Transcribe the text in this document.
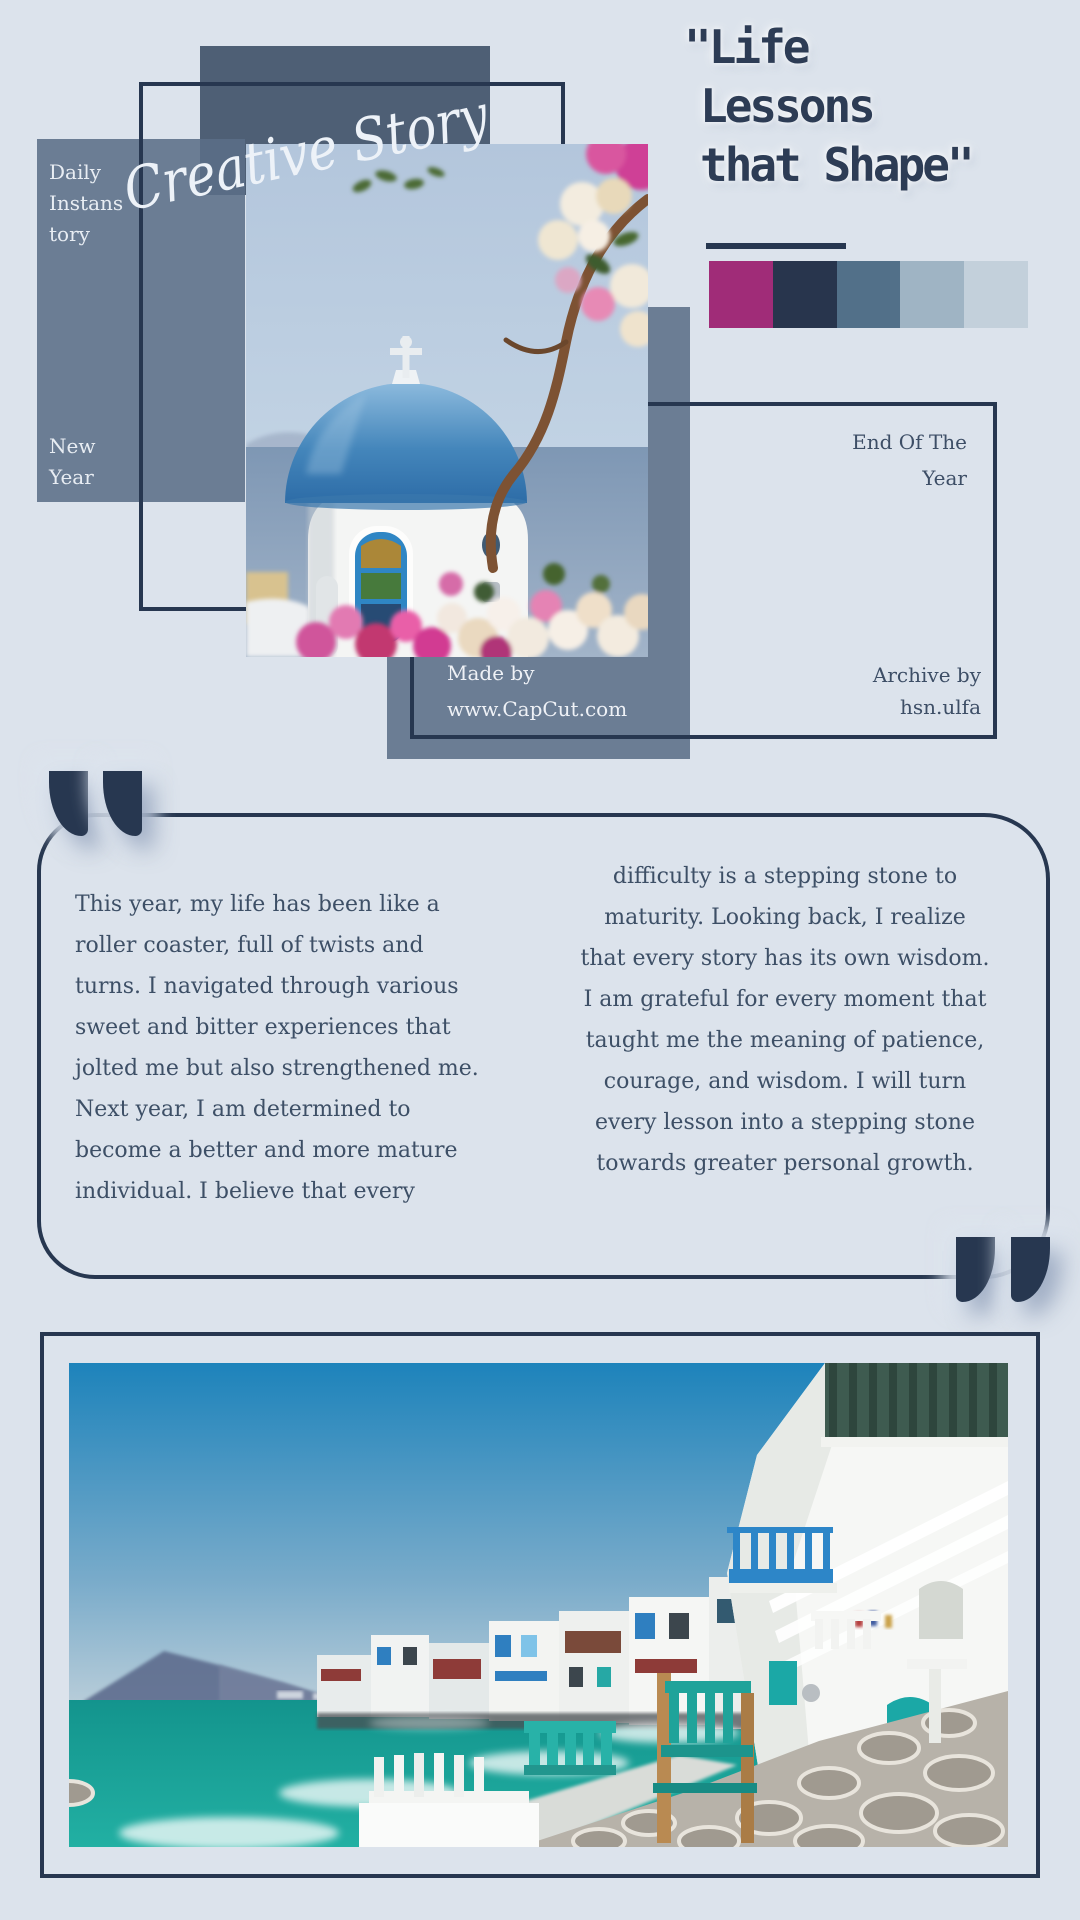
Daily
Instans
tory
New
Year
Made by
www.CapCut.com
End Of The
Year
Archive by
hsn.ulfa
Creative Story
"Life
Lessons
that Shape"
This year, my life has been like a
roller coaster, full of twists and
turns. I navigated through various
sweet and bitter experiences that
jolted me but also strengthened me.
Next year, I am determined to
become a better and more mature
individual. I believe that every
difficulty is a stepping stone to
maturity. Looking back, I realize
that every story has its own wisdom.
I am grateful for every moment that
taught me the meaning of patience,
courage, and wisdom. I will turn
every lesson into a stepping stone
towards greater personal growth.
